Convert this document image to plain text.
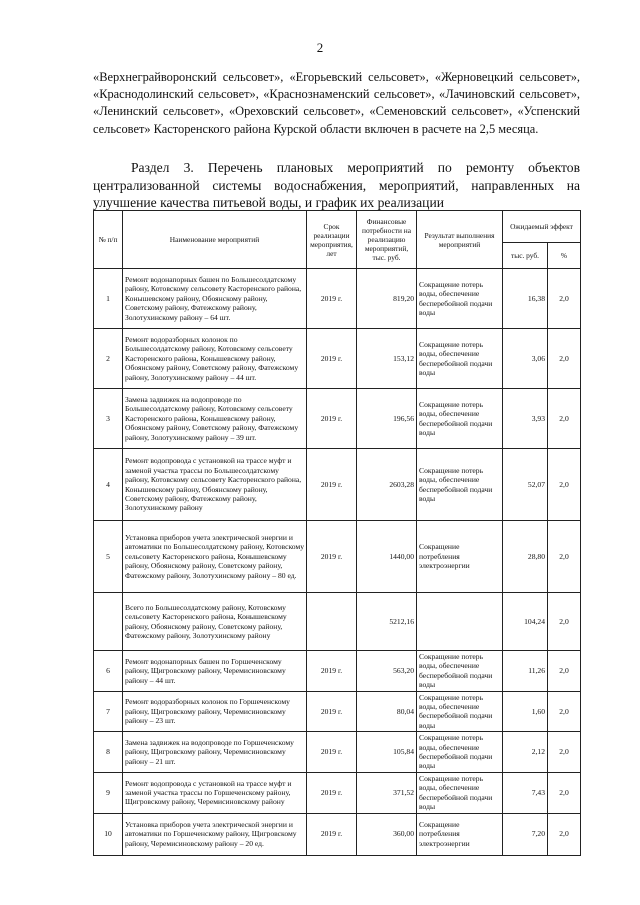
2
«Верхнеграйворонский сельсовет», «Егорьевский сельсовет», «Жерновецкий сельсовет», «Краснодолинский сельсовет», «Краснознаменский сельсовет», «Лачиновский сельсовет», «Ленинский сельсовет», «Ореховский сельсовет», «Семеновский сельсовет», «Успенский сельсовет» Касторенского района Курской области включен в расчете на 2,5 месяца.
Раздел 3. Перечень плановых мероприятий по ремонту объектов централизованной системы водоснабжения, мероприятий, направленных на улучшение качества питьевой воды, и график их реализации
№ п/п	Наименование мероприятий	Срок реализации мероприятия, лет	Финансовые потребности на реализацию мероприятий, тыс. руб.	Результат выполнения мероприятий	Ожидаемый эффект	
					тыс. руб.	%
1	Ремонт водонапорных башен по Большесолдатскому району, Котовскому сельсовету Касторенского района, Конышевскому району, Обоянскому району, Советскому району, Фатежскому району, Золотухинскому району – 64 шт.	2019 г.	819,20	Сокращение потерь воды, обеспечение бесперебойной подачи воды	16,38	2,0
2	Ремонт водоразборных колонок по Большесолдатскому району, Котовскому сельсовету Касторенского района, Конышевскому району, Обоянскому району, Советскому району, Фатежскому району, Золотухинскому району – 44 шт.	2019 г.	153,12	Сокращение потерь воды, обеспечение бесперебойной подачи воды	3,06	2,0
3	Замена задвижек на водопроводе по Большесолдатскому району, Котовскому сельсовету Касторенского района, Конышевскому району, Обоянскому району, Советскому району, Фатежскому району, Золотухинскому району – 39 шт.	2019 г.	196,56	Сокращение потерь воды, обеспечение бесперебойной подачи воды	3,93	2,0
4	Ремонт водопровода с установкой на трассе муфт и заменой участка трассы по Большесолдатскому району, Котовскому сельсовету Касторенского района, Конышевскому району, Обоянскому району, Советскому району, Фатежскому району, Золотухинскому району	2019 г.	2603,28	Сокращение потерь воды, обеспечение бесперебойной подачи воды	52,07	2,0
5	Установка приборов учета электрической энергии и автоматики по Большесолдатскому району, Котовскому сельсовету Касторенского района, Конышевскому району, Обоянскому району, Советскому району, Фатежскому району, Золотухинскому району – 80 ед.	2019 г.	1440,00	Сокращение потребления электроэнергии	28,80	2,0
	Всего по Большесолдатскому району, Котовскому сельсовету Касторенского района, Конышевскому району, Обоянскому району, Советскому району, Фатежскому району, Золотухинскому району		5212,16		104,24	2,0
6	Ремонт водонапорных башен по Горшеченскому району, Щигровскому району, Черемисиновскому району – 44 шт.	2019 г.	563,20	Сокращение потерь воды, обеспечение бесперебойной подачи воды	11,26	2,0
7	Ремонт водоразборных колонок по Горшеченскому району, Щигровскому району, Черемисиновскому району – 23 шт.	2019 г.	80,04	Сокращение потерь воды, обеспечение бесперебойной подачи воды	1,60	2,0
8	Замена задвижек на водопроводе по Горшеченскому району, Щигровскому району, Черемисиновскому району – 21 шт.	2019 г.	105,84	Сокращение потерь воды, обеспечение бесперебойной подачи воды	2,12	2,0
9	Ремонт водопровода с установкой на трассе муфт и заменой участка трассы по Горшеченскому району, Щигровскому району, Черемисиновскому району	2019 г.	371,52	Сокращение потерь воды, обеспечение бесперебойной подачи воды	7,43	2,0
10	Установка приборов учета электрической энергии и автоматики по Горшеченскому району, Щигровскому району, Черемисиновскому району – 20 ед.	2019 г.	360,00	Сокращение потребления электроэнергии	7,20	2,0
